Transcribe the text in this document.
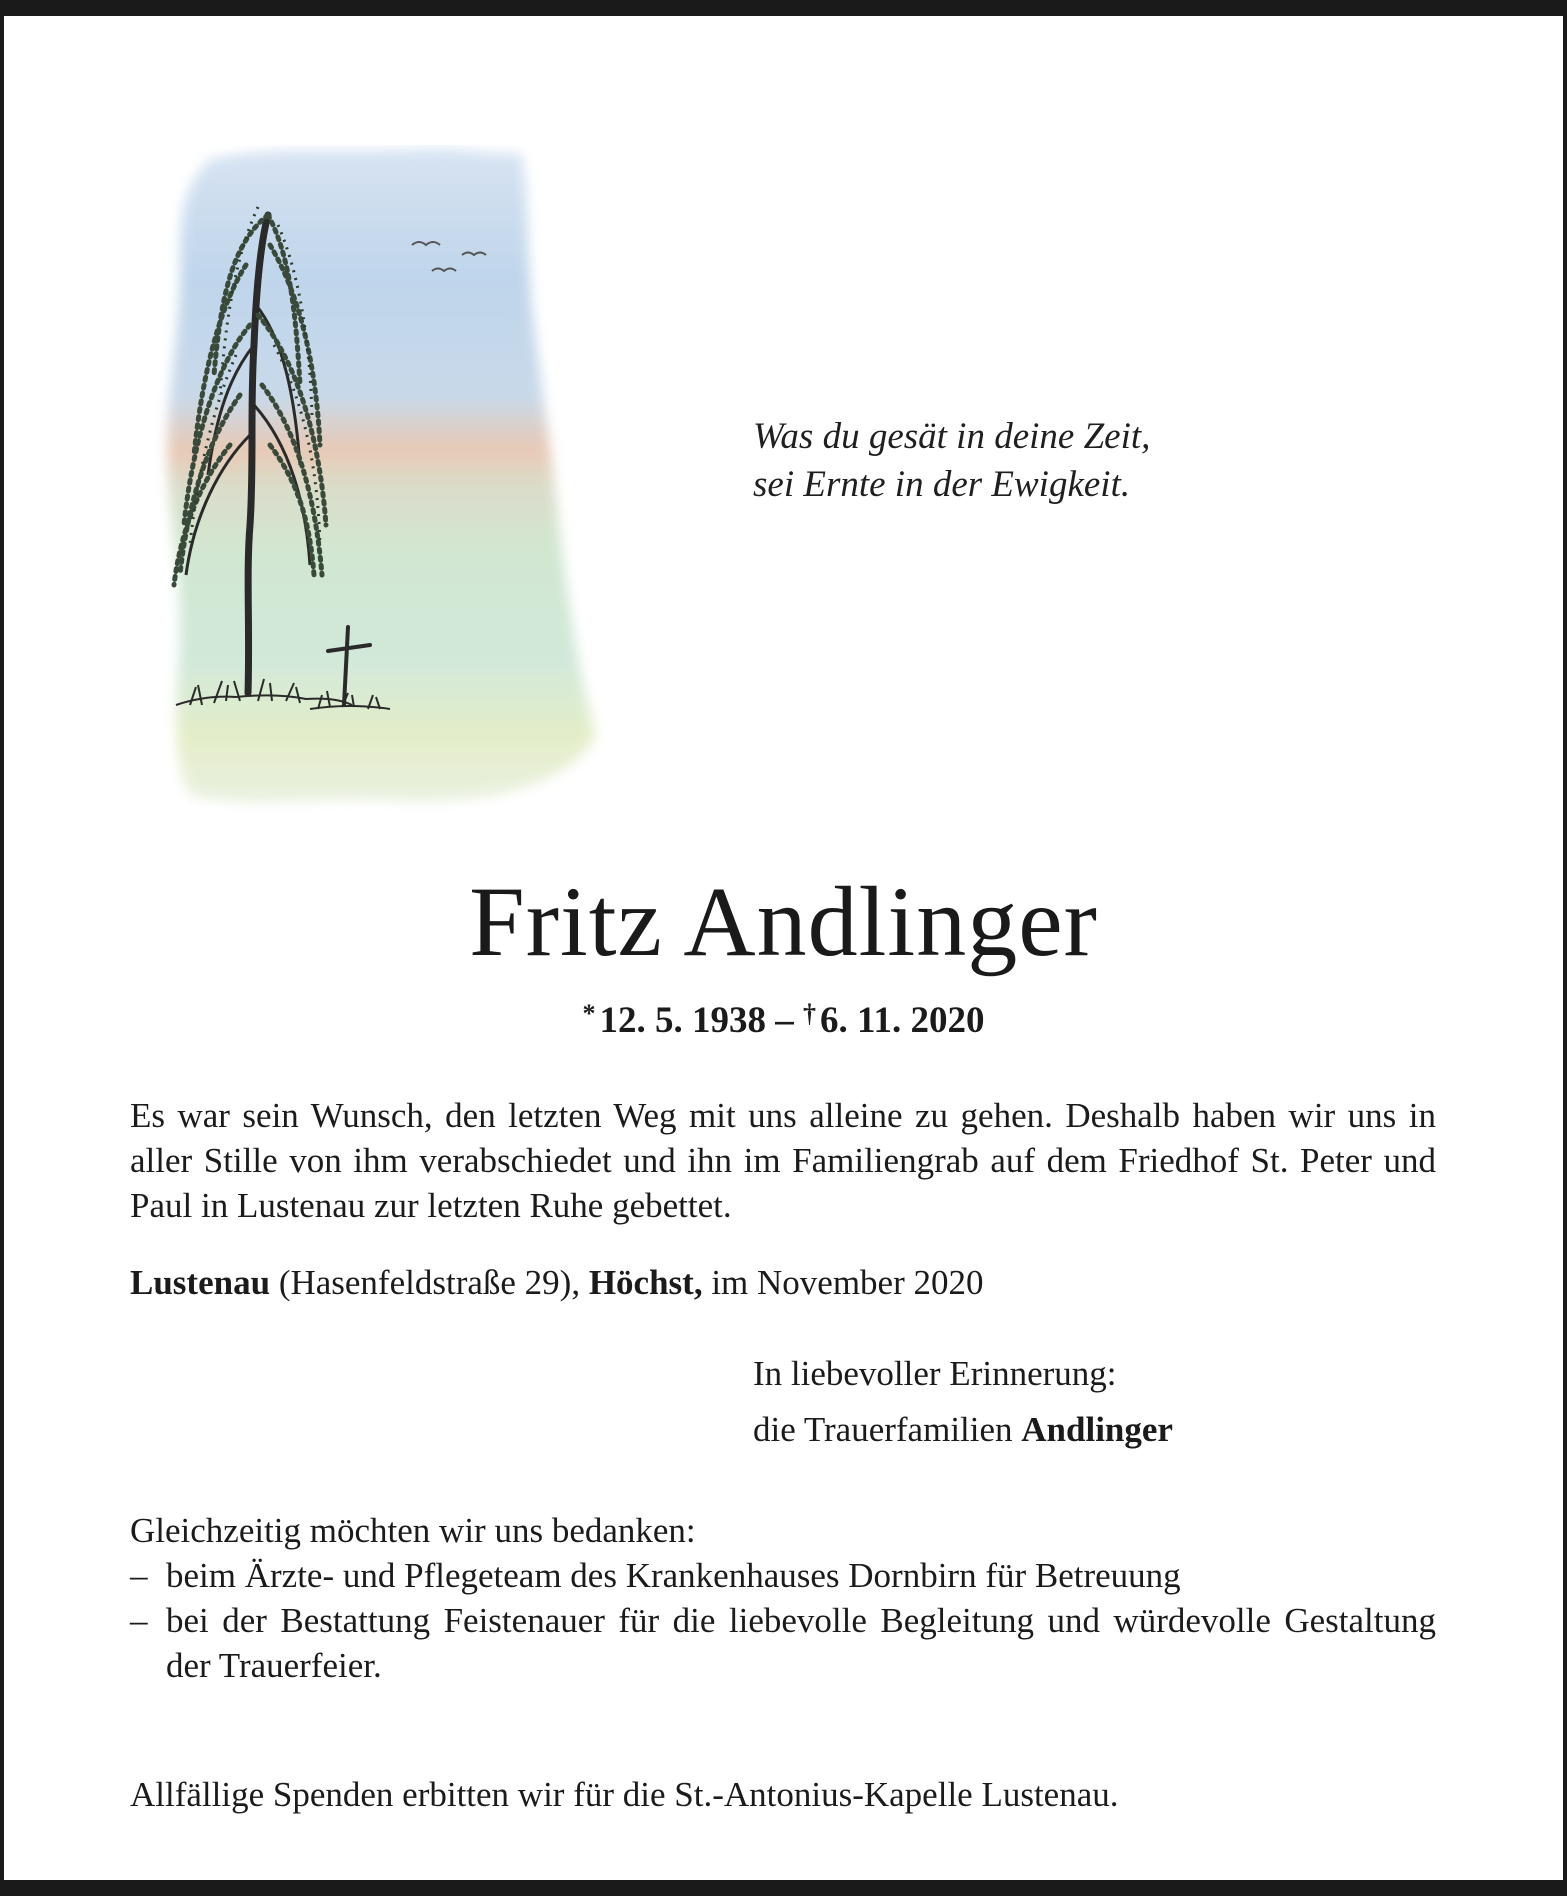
Was du gesät in deine Zeit,
sei Ernte in der Ewigkeit.
Fritz Andlinger
* 12. 5. 1938 – † 6. 11. 2020
Es war sein Wunsch, den letzten Weg mit uns alleine zu gehen. Deshalb haben wir uns in aller Stille von ihm verabschiedet und ihn im Familiengrab auf dem Friedhof St. Peter und Paul in Lustenau zur letzten Ruhe gebettet.
Lustenau (Hasenfeldstraße 29), Höchst, im November 2020
In liebevoller Erinnerung:
die Trauerfamilien Andlinger
Gleichzeitig möchten wir uns bedanken:
– beim Ärzte- und Pflegeteam des Krankenhauses Dornbirn für Betreuung
– bei der Bestattung Feistenauer für die liebevolle Begleitung und würdevolle Gestaltung der Trauerfeier.
Allfällige Spenden erbitten wir für die St.-Antonius-Kapelle Lustenau.
